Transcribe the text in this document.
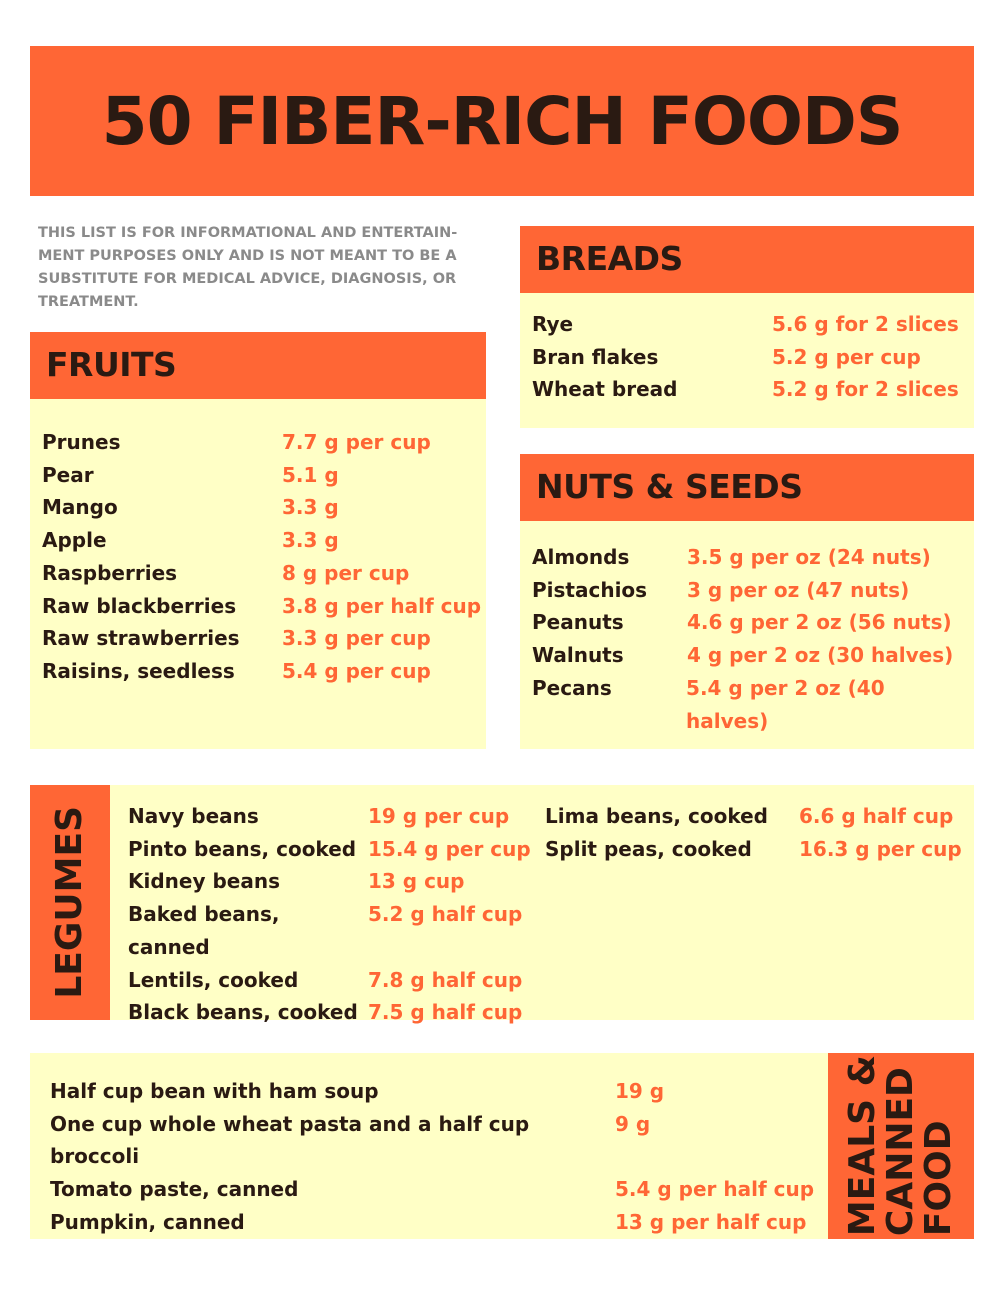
50 FIBER-RICH FOODS
THIS LIST IS FOR INFORMATIONAL AND ENTERTAIN-MENT PURPOSES ONLY AND IS NOT MEANT TO BE A SUBSTITUTE FOR MEDICAL ADVICE, DIAGNOSIS, OR TREATMENT.
FRUITS
Prunes	7.7 g per cup
Pear	5.1 g
Mango	3.3 g
Apple	3.3 g
Raspberries	8 g per cup
Raw blackberries	3.8 g per half cup
Raw strawberries	3.3 g per cup
Raisins, seedless	5.4 g per cup
BREADS
Rye	5.6 g for 2 slices
Bran flakes	5.2 g per cup
Wheat bread	5.2 g for 2 slices
NUTS & SEEDS
Almonds	3.5 g per oz (24 nuts)
Pistachios	3 g per oz (47 nuts)
Peanuts	4.6 g per 2 oz (56 nuts)
Walnuts	4 g per 2 oz (30 halves)
Pecans	5.4 g per 2 oz (40 halves)
LEGUMES Navy beans	19 g per cup
Pinto beans, cooked 15.4 g per cup
Kidney beans	13 g cup
Baked beans, canned
5.2 g half cup
Lentils, cooked	7.8 g half cup
Black beans, cooked 7.5 g half cup
Lima beans, cooked	6.6 g half cup
Split peas, cooked	16.3 g per cup
MEALS &
CANNED
FOOD
Half cup bean with ham soup	19 g
One cup whole wheat pasta and a half cup broccoli
9 g
Tomato paste, canned	5.4 g per half cup
Pumpkin, canned	13 g per half cup
